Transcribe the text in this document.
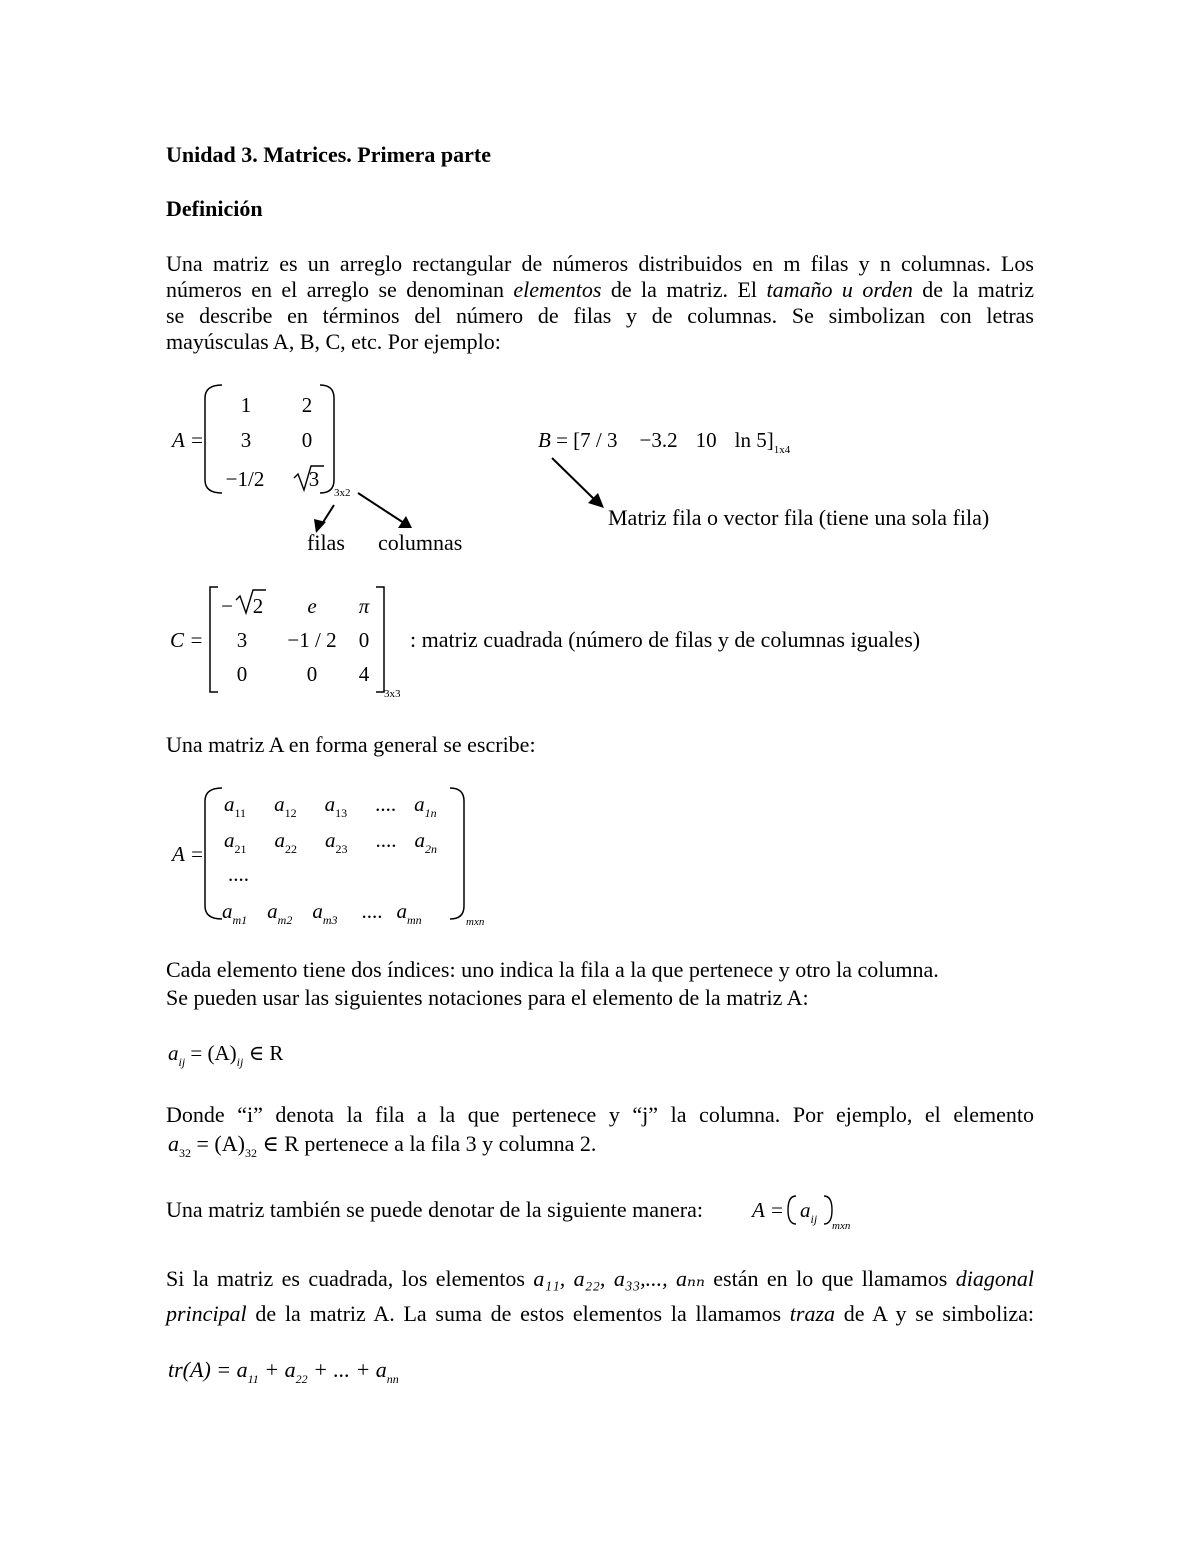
Unidad 3. Matrices. Primera parte
Definición
Una matriz es un arreglo rectangular de números distribuidos en m filas y n columnas. Los
números en el arreglo se denominan elementos de la matriz. El tamaño u orden de la matriz
se describe en términos del número de filas y de columnas. Se simbolizan con letras
mayúsculas A, B, C, etc. Por ejemplo:
A =
1	2
3	0
−1/2	3
3x2
B = [7 / 3 −3.2 10 $\ln 5]_{1x4}$
Matriz fila o vector fila (tiene una sola fila)
filas columnas
C =
− 2	e	π
3	−1 / 2	0
0	0	4
3x3
: matriz cuadrada (número de filas y de columnas iguales)
Una matriz A en forma general se escribe:
A =
$a_{11}$ $a_{12}$ $a_{13}$ .... $a_{1n}$
$a_{21}$ $a_{22}$ $a_{23}$ .... $a_{2n}$
....
$a_{m1}$ $a_{m2}$ $a_{m3}$ .... $a_{mn}$	mxn
Cada elemento tiene dos índices: uno indica la fila a la que pertenece y otro la columna.
Se pueden usar las siguientes notaciones para el elemento de la matriz A:
$a_{ij} = (A)_{ij}$ ∈ R
Donde “i” denota la fila a la que pertenece y “j” la columna. Por ejemplo, el elemento
$a_{32} = (A)_{32}$ ∈ R pertenece a la fila 3 y columna 2.
Una matriz también se puede denotar de la siguiente manera: $A = a_{ij}$ mxn
Si la matriz es cuadrada, los elementos a₁₁, a₂₂, a₃₃,..., aₙₙ están en lo que llamamos diagonal
principal de la matriz A. La suma de estos elementos la llamamos traza de A y se simboliza:
$tr(A) = a_{11} + a_{22}$ + ... + $a_{nn}$
